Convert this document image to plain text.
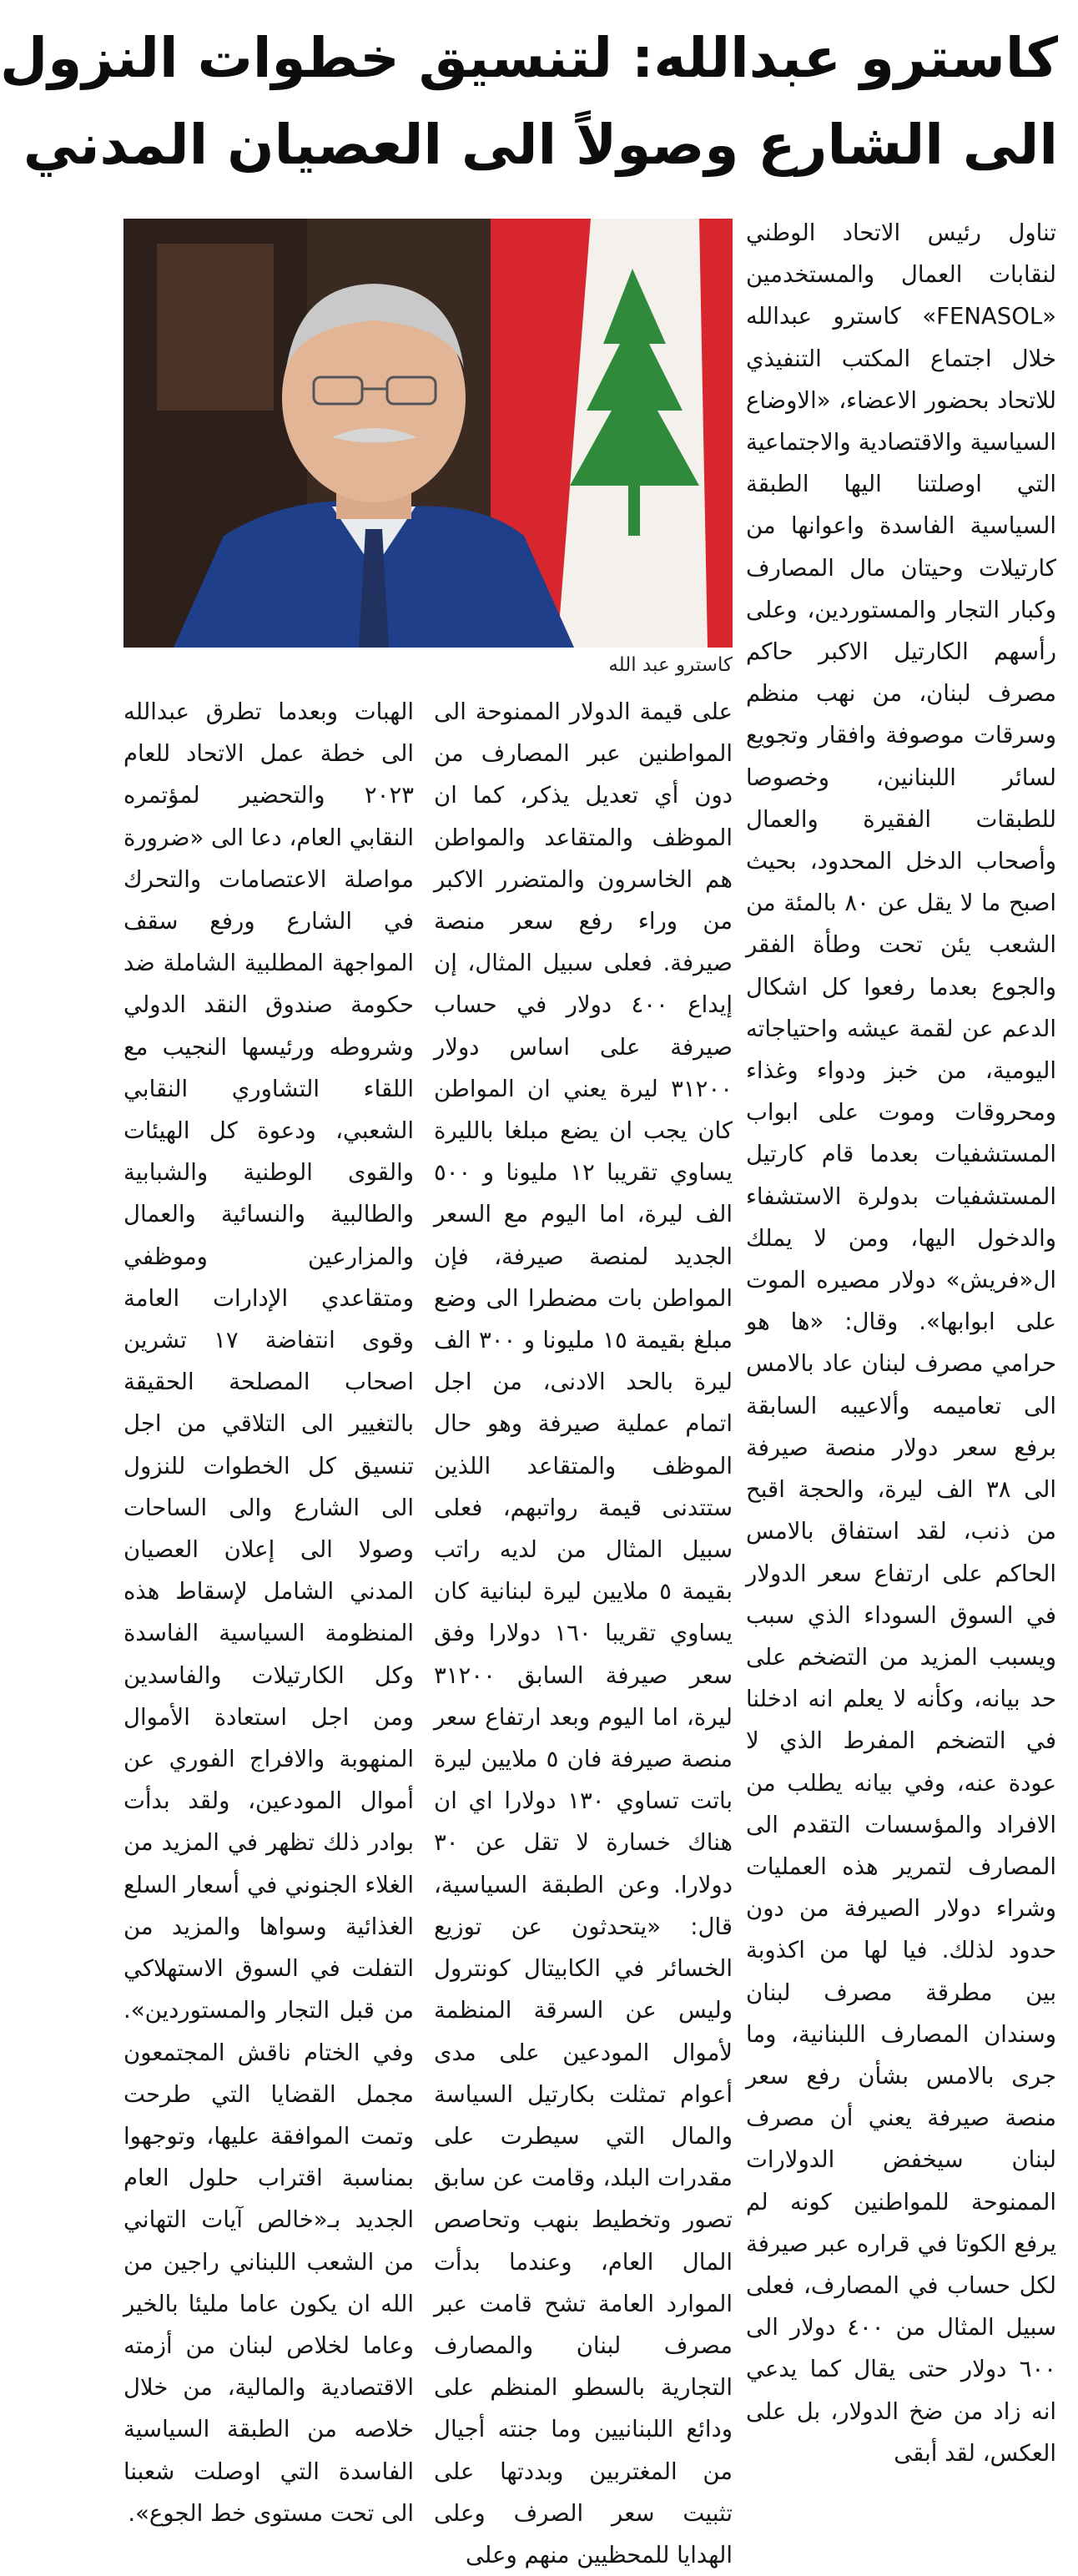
كاسترو عبدالله: لتنسيق خطوات النزول
الى الشارع وصولاً الى العصيان المدني
كاسترو عبد الله
تناول رئيس الاتحاد الوطني لنقابات العمال والمستخدمين «FENASOL» كاسترو عبدالله خلال اجتماع المكتب التنفيذي للاتحاد بحضور الاعضاء، «الاوضاع السياسية والاقتصادية والاجتماعية التي اوصلتنا اليها الطبقة السياسية الفاسدة واعوانها من كارتيلات وحيتان مال المصارف وكبار التجار والمستوردين، وعلى رأسهم الكارتيل الاكبر حاكم مصرف لبنان، من نهب منظم وسرقات موصوفة وافقار وتجويع لسائر اللبنانين، وخصوصا للطبقات الفقيرة والعمال وأصحاب الدخل المحدود، بحيث اصبح ما لا يقل عن ٨٠ بالمئة من الشعب يئن تحت وطأة الفقر والجوع بعدما رفعوا كل اشكال الدعم عن لقمة عيشه واحتياجاته اليومية، من خبز ودواء وغذاء ومحروقات وموت على ابواب المستشفيات بعدما قام كارتيل المستشفيات بدولرة الاستشفاء والدخول اليها، ومن لا يملك ال«فريش» دولار مصيره الموت على ابوابها». وقال: «ها هو حرامي مصرف لبنان عاد بالامس الى تعاميمه وألاعيبه السابقة برفع سعر دولار منصة صيرفة الى ٣٨ الف ليرة، والحجة اقبح من ذنب، لقد استفاق بالامس الحاكم على ارتفاع سعر الدولار في السوق السوداء الذي سبب ويسبب المزيد من التضخم على حد بيانه، وكأنه لا يعلم انه ادخلنا في التضخم المفرط الذي لا عودة عنه، وفي بيانه يطلب من الافراد والمؤسسات التقدم الى المصارف لتمرير هذه العمليات وشراء دولار الصيرفة من دون حدود لذلك. فيا لها من اكذوبة بين مطرقة مصرف لبنان وسندان المصارف اللبنانية، وما جرى بالامس بشأن رفع سعر منصة صيرفة يعني أن مصرف لبنان سيخفض الدولارات الممنوحة للمواطنين كونه لم يرفع الكوتا في قراره عبر صيرفة لكل حساب في المصارف، فعلى سبيل المثال من ٤٠٠ دولار الى ٦٠٠ دولار حتى يقال كما يدعي انه زاد من ضخ الدولار، بل على العكس، لقد أبقى
على قيمة الدولار الممنوحة الى المواطنين عبر المصارف من دون أي تعديل يذكر، كما ان الموظف والمتقاعد والمواطن هم الخاسرون والمتضرر الاكبر من وراء رفع سعر منصة صيرفة. فعلى سبيل المثال، إن إيداع ٤٠٠ دولار في حساب صيرفة على اساس دولار ٣١٢٠٠ ليرة يعني ان المواطن كان يجب ان يضع مبلغا بالليرة يساوي تقريبا ١٢ مليونا و ٥٠٠ الف ليرة، اما اليوم مع السعر الجديد لمنصة صيرفة، فإن المواطن بات مضطرا الى وضع مبلغ بقيمة ١٥ مليونا و ٣٠٠ الف ليرة بالحد الادنى، من اجل اتمام عملية صيرفة وهو حال الموظف والمتقاعد اللذين ستتدنى قيمة رواتبهم، فعلى سبيل المثال من لديه راتب بقيمة ٥ ملايين ليرة لبنانية كان يساوي تقريبا ١٦٠ دولارا وفق سعر صيرفة السابق ٣١٢٠٠ ليرة، اما اليوم وبعد ارتفاع سعر منصة صيرفة فان ٥ ملايين ليرة باتت تساوي ١٣٠ دولارا اي ان هناك خسارة لا تقل عن ٣٠ دولارا. وعن الطبقة السياسية، قال: «يتحدثون عن توزيع الخسائر في الكابيتال كونترول وليس عن السرقة المنظمة لأموال المودعين على مدى أعوام تمثلت بكارتيل السياسة والمال التي سيطرت على مقدرات البلد، وقامت عن سابق تصور وتخطيط بنهب وتحاصص المال العام، وعندما بدأت الموارد العامة تشح قامت عبر مصرف لبنان والمصارف التجارية بالسطو المنظم على ودائع اللبنانيين وما جنته أجيال من المغتربين وبددتها على تثبيت سعر الصرف وعلى الهدايا للمحظيين منهم وعلى
الهبات وبعدما تطرق عبدالله الى خطة عمل الاتحاد للعام ٢٠٢٣ والتحضير لمؤتمره النقابي العام، دعا الى «ضرورة مواصلة الاعتصامات والتحرك في الشارع ورفع سقف المواجهة المطلبية الشاملة ضد حكومة صندوق النقد الدولي وشروطه ورئيسها النجيب مع اللقاء التشاوري النقابي الشعبي، ودعوة كل الهيئات والقوى الوطنية والشبابية والطالبية والنسائية والعمال والمزارعين وموظفي ومتقاعدي الإدارات العامة وقوى انتفاضة ١٧ تشرين اصحاب المصلحة الحقيقة بالتغيير الى التلاقي من اجل تنسيق كل الخطوات للنزول الى الشارع والى الساحات وصولا الى إعلان العصيان المدني الشامل لإسقاط هذه المنظومة السياسية الفاسدة وكل الكارتيلات والفاسدين ومن اجل استعادة الأموال المنهوبة والافراج الفوري عن أموال المودعين، ولقد بدأت بوادر ذلك تظهر في المزيد من الغلاء الجنوني في أسعار السلع الغذائية وسواها والمزيد من التفلت في السوق الاستهلاكي من قبل التجار والمستوردين». وفي الختام ناقش المجتمعون مجمل القضايا التي طرحت وتمت الموافقة عليها، وتوجهوا بمناسبة اقتراب حلول العام الجديد بـ«خالص آيات التهاني من الشعب اللبناني راجين من الله ان يكون عاما مليئا بالخير وعاما لخلاص لبنان من أزمته الاقتصادية والمالية، من خلال خلاصه من الطبقة السياسية الفاسدة التي اوصلت شعبنا الى تحت مستوى خط الجوع».
